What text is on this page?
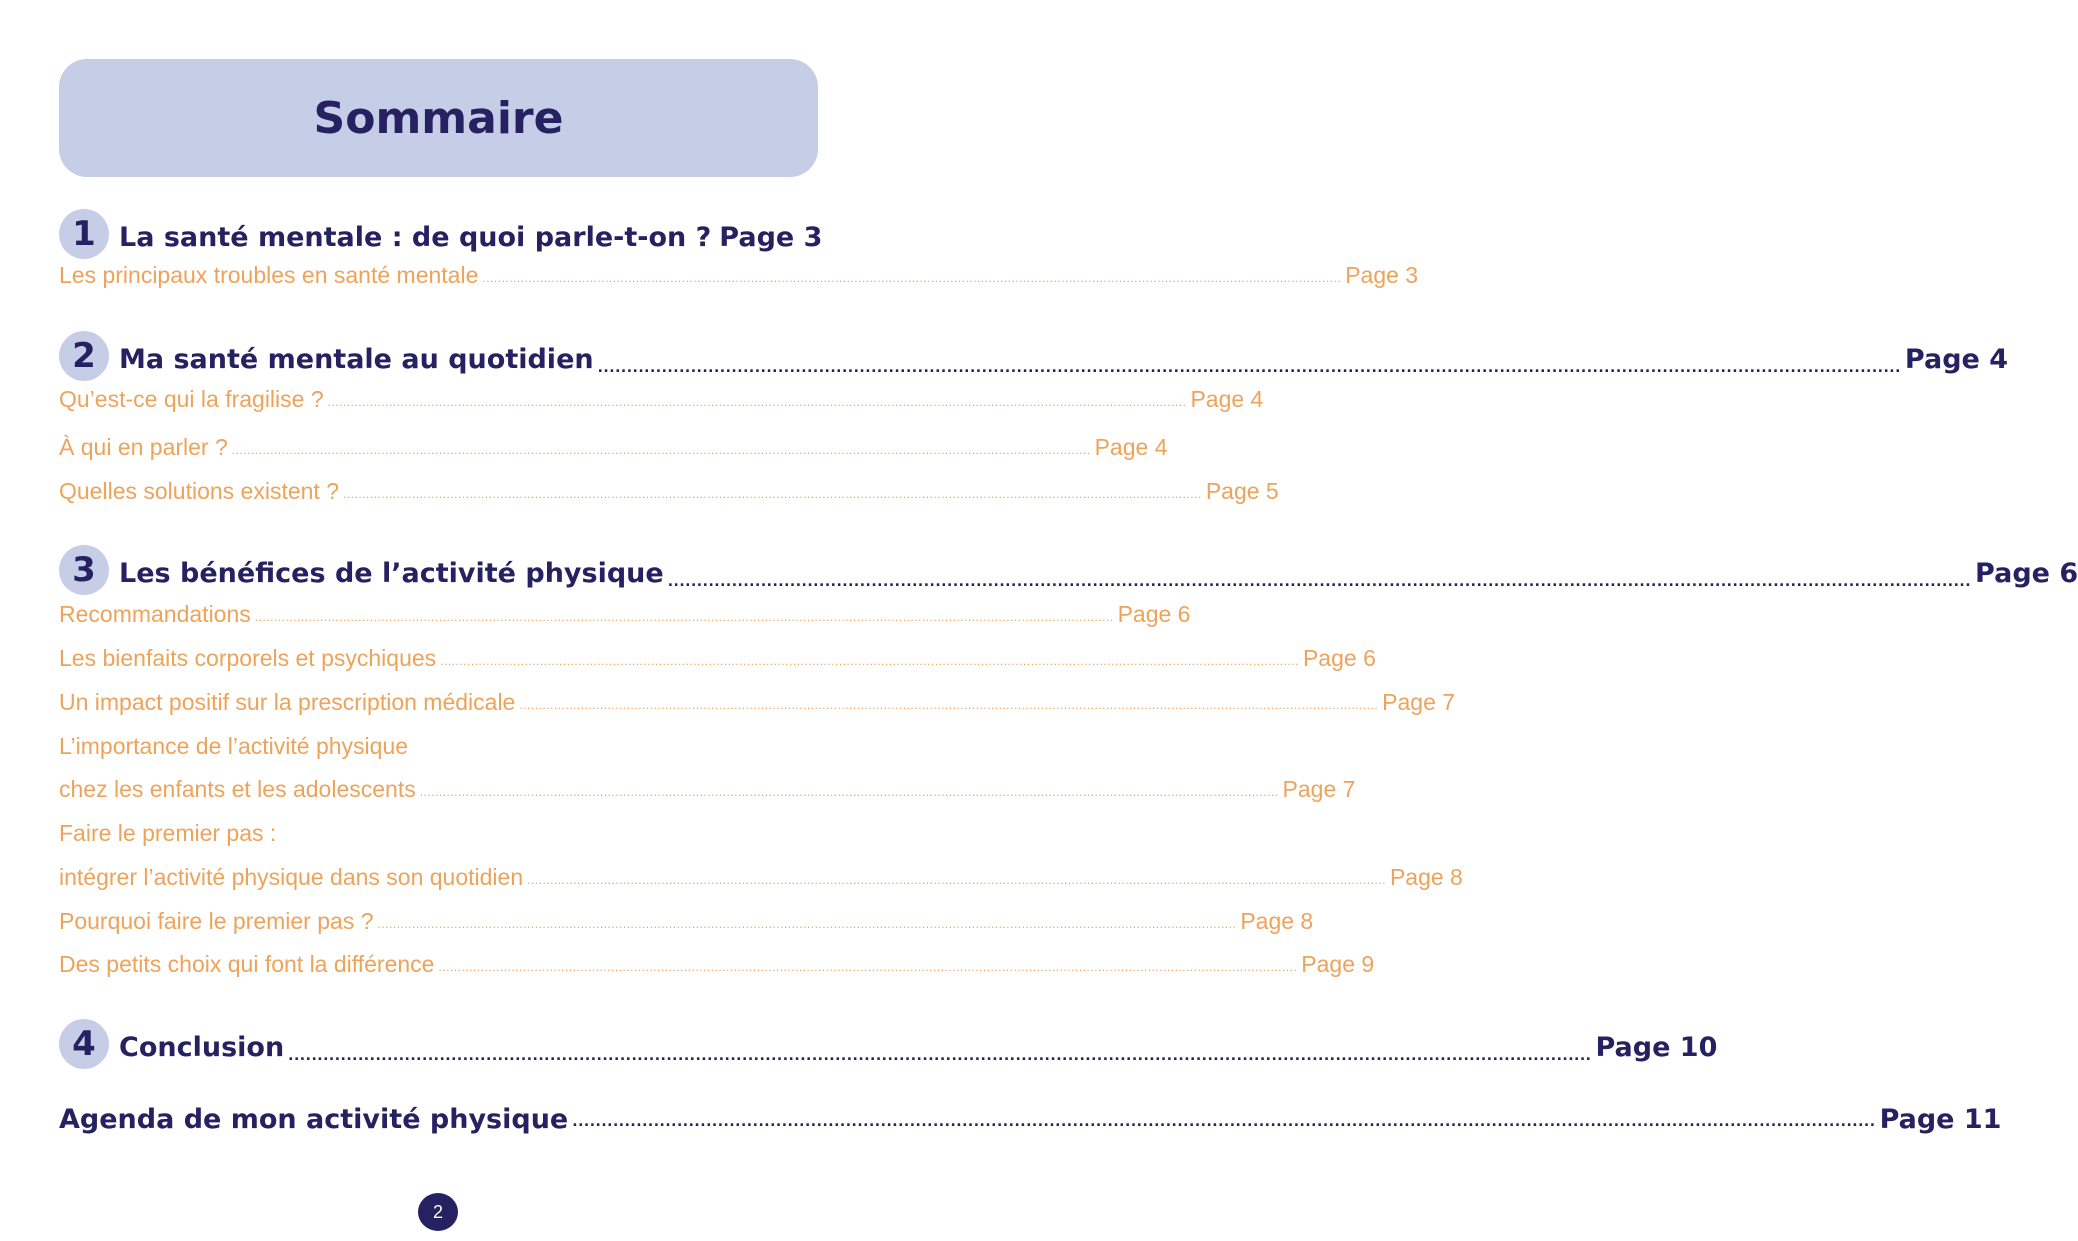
Sommaire
1 La santé mentale : de quoi parle-t-on ? Page 3
Les principaux troubles en santé mentale ................................................................................................................................................................................................................................ Page 3
2 Ma santé mentale au quotidien ................................................................................................................................................................................................................................ Page 4
Qu’est-ce qui la fragilise ? ................................................................................................................................................................................................................................ Page 4
À qui en parler ? ................................................................................................................................................................................................................................ Page 4
Quelles solutions existent ? ................................................................................................................................................................................................................................ Page 5
3 Les bénéfices de l’activité physique ................................................................................................................................................................................................................................ Page 6
Recommandations ................................................................................................................................................................................................................................ Page 6
Les bienfaits corporels et psychiques ................................................................................................................................................................................................................................ Page 6
Un impact positif sur la prescription médicale ................................................................................................................................................................................................................................ Page 7
L’importance de l’activité physique
chez les enfants et les adolescents ................................................................................................................................................................................................................................ Page 7
Faire le premier pas :
intégrer l’activité physique dans son quotidien ................................................................................................................................................................................................................................ Page 8
Pourquoi faire le premier pas ? ................................................................................................................................................................................................................................ Page 8
Des petits choix qui font la différence ................................................................................................................................................................................................................................ Page 9
4 Conclusion ................................................................................................................................................................................................................................ Page 10
Agenda de mon activité physique ................................................................................................................................................................................................................................ Page 11
2
